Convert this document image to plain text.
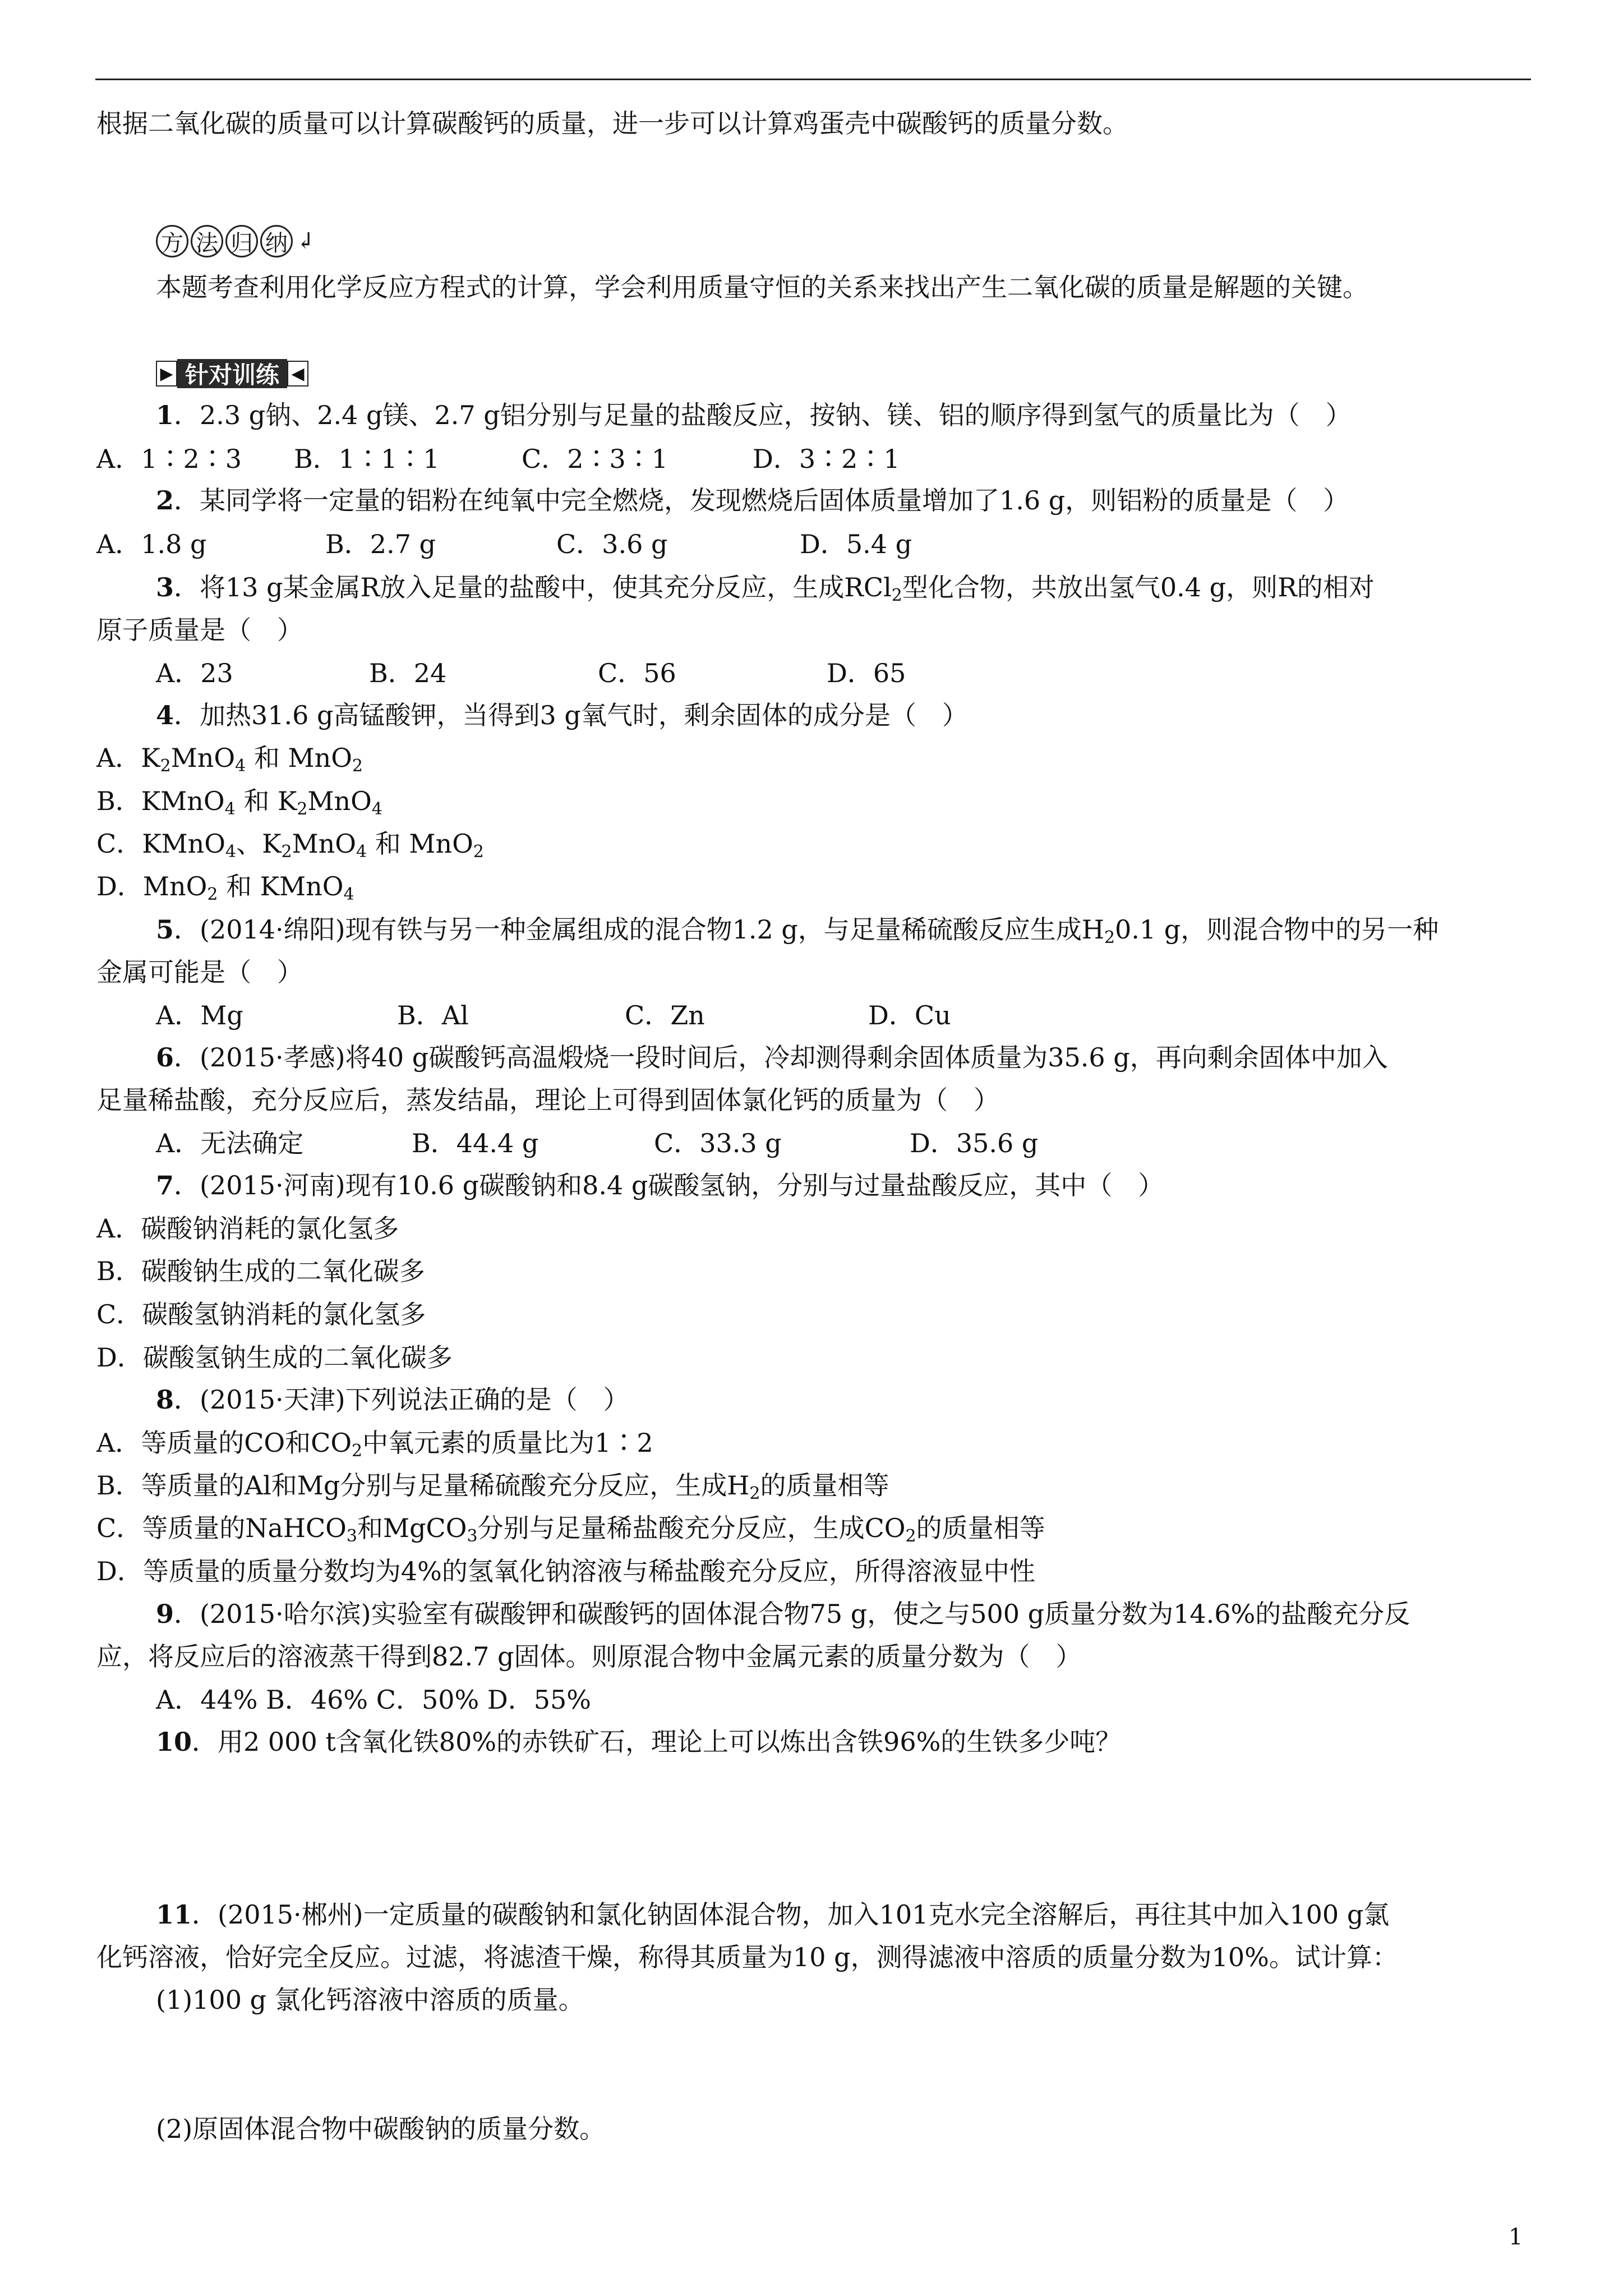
根据二氧化碳的质量可以计算碳酸钙的质量，进一步可以计算鸡蛋壳中碳酸钙的质量分数。
方 法 归 纳 ↲
本题考查利用化学反应方程式的计算，学会利用质量守恒的关系来找出产生二氧化碳的质量是解题的关键。
▶ 针对训练 ◀
1．2.3 g钠、2.4 g镁、2.7 g铝分别与足量的盐酸反应，按钠、镁、铝的顺序得到氢气的质量比为（　）
A．1∶2∶3 B．1∶1∶1	C．2∶3∶1	D．3∶2∶1
2．某同学将一定量的铝粉在纯氧中完全燃烧，发现燃烧后固体质量增加了1.6 g，则铝粉的质量是（　）
A．1.8 g	B．2.7 g	C．3.6 g	D．5.4 g
3．将13 g某金属R放入足量的盐酸中，使其充分反应，生成RCl$_2$型化合物，共放出氢气0.4 g，则R的相对
原子质量是（　）
A．23	B．24	C．56	D．65
4．加热31.6 g高锰酸钾，当得到3 g氧气时，剩余固体的成分是（　）
A．$K_2MnO_4$ 和 MnO$_2$
B．KMnO$_4$ 和 $K_2MnO_4$
C．KMnO$_4$、$K_2MnO_4$ 和 MnO$_2$
D．MnO$_2$ 和 KMnO$_4$
5．(2014·绵阳)现有铁与另一种金属组成的混合物1.2 g，与足量稀硫酸反应生成$H_20.1$ g，则混合物中的另一种
金属可能是（　）
A．Mg	B．Al	C．Zn	D．Cu
6．(2015·孝感)将40 g碳酸钙高温煅烧一段时间后，冷却测得剩余固体质量为35.6 g，再向剩余固体中加入
足量稀盐酸，充分反应后，蒸发结晶，理论上可得到固体氯化钙的质量为（　）
A．无法确定	B．44.4 g	C．33.3 g	D．35.6 g
7．(2015·河南)现有10.6 g碳酸钠和8.4 g碳酸氢钠，分别与过量盐酸反应，其中（　）
A．碳酸钠消耗的氯化氢多
B．碳酸钠生成的二氧化碳多
C．碳酸氢钠消耗的氯化氢多
D．碳酸氢钠生成的二氧化碳多
8．(2015·天津)下列说法正确的是（　）
A．等质量的CO和$CO_2$中氧元素的质量比为1∶2
B．等质量的Al和Mg分别与足量稀硫酸充分反应，生成$H_2$的质量相等
C．等质量的NaHCO$_3$和MgCO$_3$分别与足量稀盐酸充分反应，生成$CO_2$的质量相等
D．等质量的质量分数均为4%的氢氧化钠溶液与稀盐酸充分反应，所得溶液显中性
9．(2015·哈尔滨)实验室有碳酸钾和碳酸钙的固体混合物75 g，使之与500 g质量分数为14.6%的盐酸充分反
应，将反应后的溶液蒸干得到82.7 g固体。则原混合物中金属元素的质量分数为（　）
A．44% B．46% C．50% D．55%
10．用2 000 t含氧化铁80%的赤铁矿石，理论上可以炼出含铁96%的生铁多少吨？
11．(2015·郴州)一定质量的碳酸钠和氯化钠固体混合物，加入101克水完全溶解后，再往其中加入100 g氯
化钙溶液，恰好完全反应。过滤，将滤渣干燥，称得其质量为10 g，测得滤液中溶质的质量分数为10%。试计算：
(1)100 g 氯化钙溶液中溶质的质量。
(2)原固体混合物中碳酸钠的质量分数。
1
